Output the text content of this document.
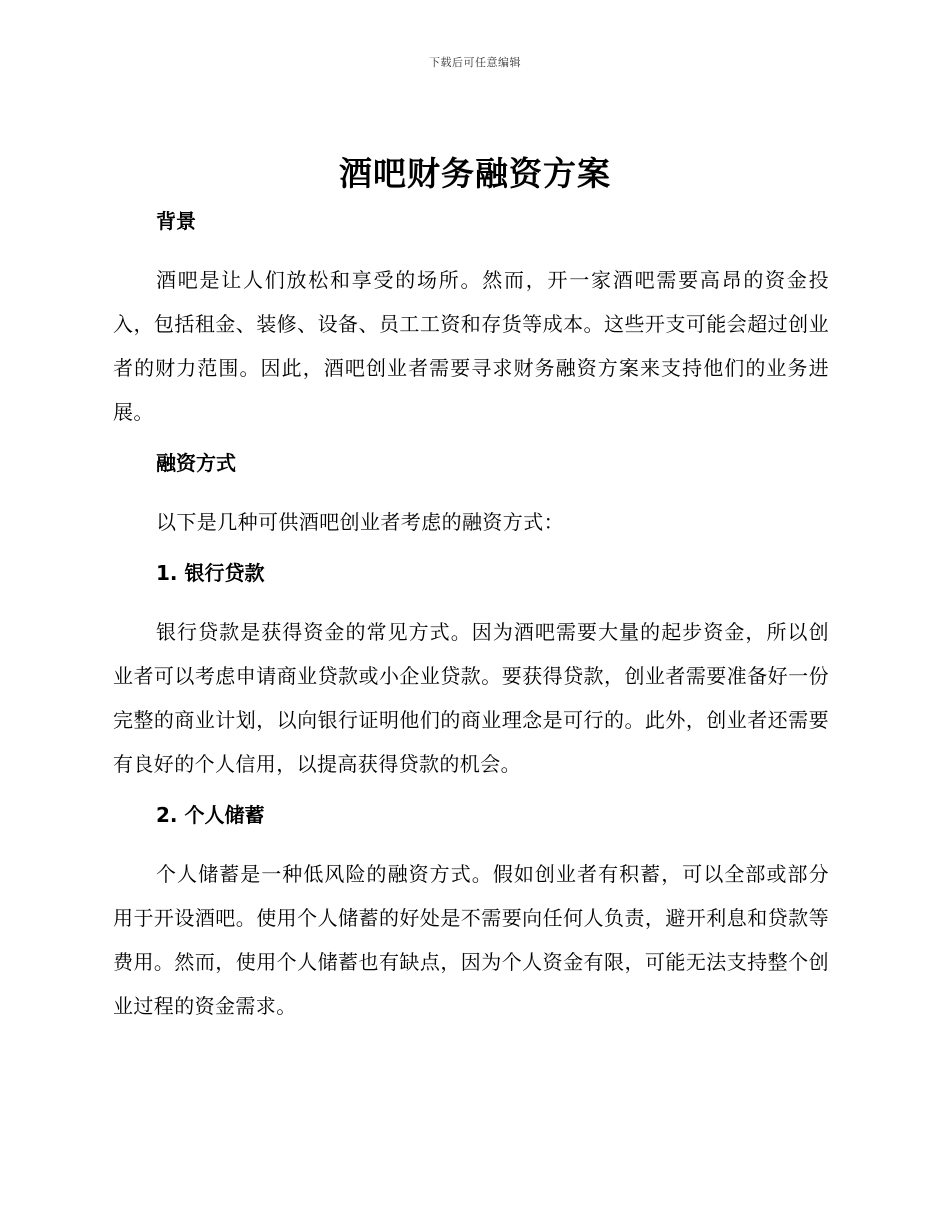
下载后可任意编辑
酒吧财务融资方案
背景

酒吧是让人们放松和享受的场所。然而，开一家酒吧需要高昂的资金投入，包括租金、装修、设备、员工工资和存货等成本。这些开支可能会超过创业者的财力范围。因此，酒吧创业者需要寻求财务融资方案来支持他们的业务进展。

融资方式

以下是几种可供酒吧创业者考虑的融资方式：

1. 银行贷款

银行贷款是获得资金的常见方式。因为酒吧需要大量的起步资金，所以创业者可以考虑申请商业贷款或小企业贷款。要获得贷款，创业者需要准备好一份完整的商业计划，以向银行证明他们的商业理念是可行的。此外，创业者还需要有良好的个人信用，以提高获得贷款的机会。

2. 个人储蓄

个人储蓄是一种低风险的融资方式。假如创业者有积蓄，可以全部或部分用于开设酒吧。使用个人储蓄的好处是不需要向任何人负责，避开利息和贷款等费用。然而，使用个人储蓄也有缺点，因为个人资金有限，可能无法支持整个创业过程的资金需求。
